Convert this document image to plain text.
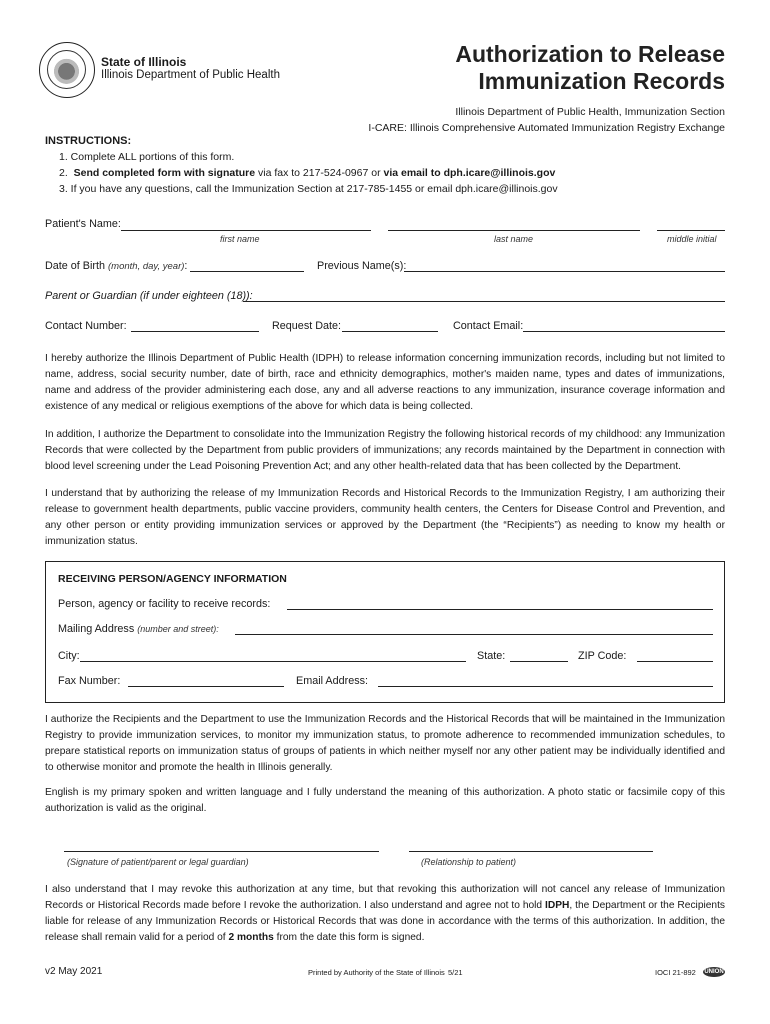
State of Illinois
Illinois Department of Public Health
Authorization to Release
Immunization Records
Illinois Department of Public Health, Immunization Section
I-CARE: Illinois Comprehensive Automated Immunization Registry Exchange
INSTRUCTIONS:
1. Complete ALL portions of this form.
2. Send completed form with signature via fax to 217-524-0967 or via email to dph.icare@illinois.gov
3. If you have any questions, call the Immunization Section at 217-785-1455 or email dph.icare@illinois.gov
Patient's Name:
first name	last name	middle initial
Date of Birth (month, day, year):	Previous Name(s):
Parent or Guardian (if under eighteen (18)):
Contact Number:	Request Date:	Contact Email:
I hereby authorize the Illinois Department of Public Health (IDPH) to release information concerning immunization records, including but not limited to name, address, social security number, date of birth, race and ethnicity demographics, mother's maiden name, types and dates of immunizations, name and address of the provider administering each dose, any and all adverse reactions to any immunization, insurance coverage information and existence of any medical or religious exemptions of the above for which data is being collected.
In addition, I authorize the Department to consolidate into the Immunization Registry the following historical records of my childhood: any Immunization Records that were collected by the Department from public providers of immunizations; any records maintained by the Department in connection with blood level screening under the Lead Poisoning Prevention Act; and any other health-related data that has been collected by the Department.
I understand that by authorizing the release of my Immunization Records and Historical Records to the Immunization Registry, I am authorizing their release to government health departments, public vaccine providers, community health centers, the Centers for Disease Control and Prevention, and any other person or entity providing immunization services or approved by the Department (the “Recipients”) as needing to know my health or immunization status.
RECEIVING PERSON/AGENCY INFORMATION
Person, agency or facility to receive records:
Mailing Address (number and street):
City:	State:	ZIP Code:
Fax Number:	Email Address:
I authorize the Recipients and the Department to use the Immunization Records and the Historical Records that will be maintained in the Immunization Registry to provide immunization services, to monitor my immunization status, to promote adherence to recommended immunization schedules, to prepare statistical reports on immunization status of groups of patients in which neither myself nor any other patient may be individually identified and to otherwise monitor and promote the health in Illinois generally.
English is my primary spoken and written language and I fully understand the meaning of this authorization. A photo static or facsimile copy of this authorization is valid as the original.
(Signature of patient/parent or legal guardian)	(Relationship to patient)
I also understand that I may revoke this authorization at any time, but that revoking this authorization will not cancel any release of Immunization Records or Historical Records made before I revoke the authorization. I also understand and agree not to hold IDPH, the Department or the Recipients liable for release of any Immunization Records or Historical Records that was done in accordance with the terms of this authorization. In addition, the release shall remain valid for a period of 2 months from the date this form is signed.
v2 May 2021	Printed by Authority of the State of Illinois 5/21	IOCI 21-892 UNION
